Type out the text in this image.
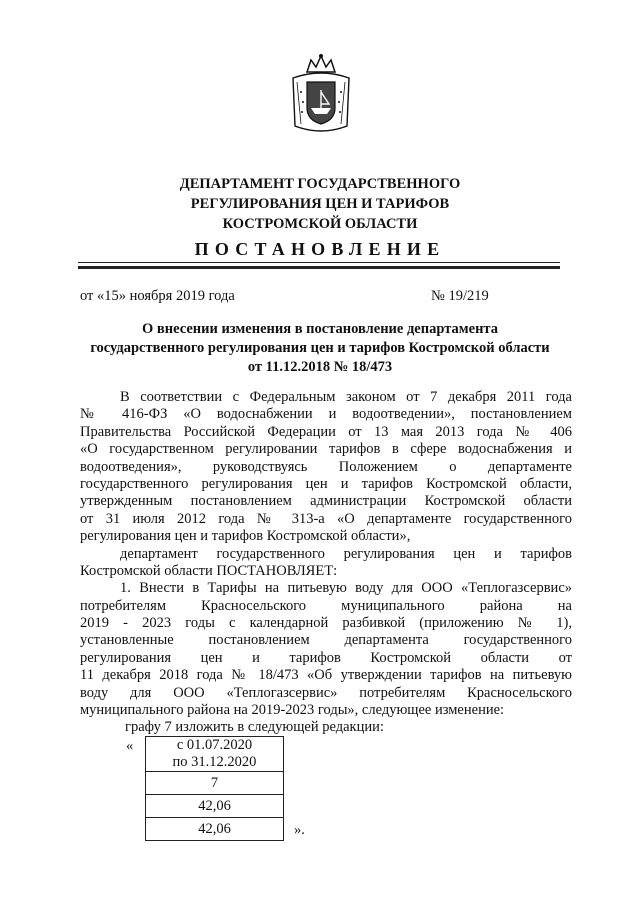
ДЕПАРТАМЕНТ ГОСУДАРСТВЕННОГО
РЕГУЛИРОВАНИЯ ЦЕН И ТАРИФОВ
КОСТРОМСКОЙ ОБЛАСТИ
ПОСТАНОВЛЕНИЕ
от «15» ноября 2019 года	№ 19/219
О внесении изменения в постановление департамента
государственного регулирования цен и тарифов Костромской области
от 11.12.2018 № 18/473
В соответствии с Федеральным законом от 7 декабря 2011 года
№ 416-ФЗ «О водоснабжении и водоотведении», постановлением
Правительства Российской Федерации от 13 мая 2013 года № 406
«О государственном регулировании тарифов в сфере водоснабжения и
водоотведения», руководствуясь Положением о департаменте
государственного регулирования цен и тарифов Костромской области,
утвержденным постановлением администрации Костромской области
от 31 июля 2012 года № 313-а «О департаменте государственного
регулирования цен и тарифов Костромской области»,
департамент государственного регулирования цен и тарифов
Костромской области ПОСТАНОВЛЯЕТ:
1. Внести в Тарифы на питьевую воду для ООО «Теплогазсервис»
потребителям Красносельского муниципального района на
2019 - 2023 годы с календарной разбивкой (приложению № 1),
установленные постановлением департамента государственного
регулирования цен и тарифов Костромской области от
11 декабря 2018 года № 18/473 «Об утверждении тарифов на питьевую
воду для ООО «Теплогазсервис» потребителям Красносельского
муниципального района на 2019-2023 годы», следующее изменение:
графу 7 изложить в следующей редакции:
«	с 01.07.2020
по 31.12.2020

7
42,06
42,06	».
